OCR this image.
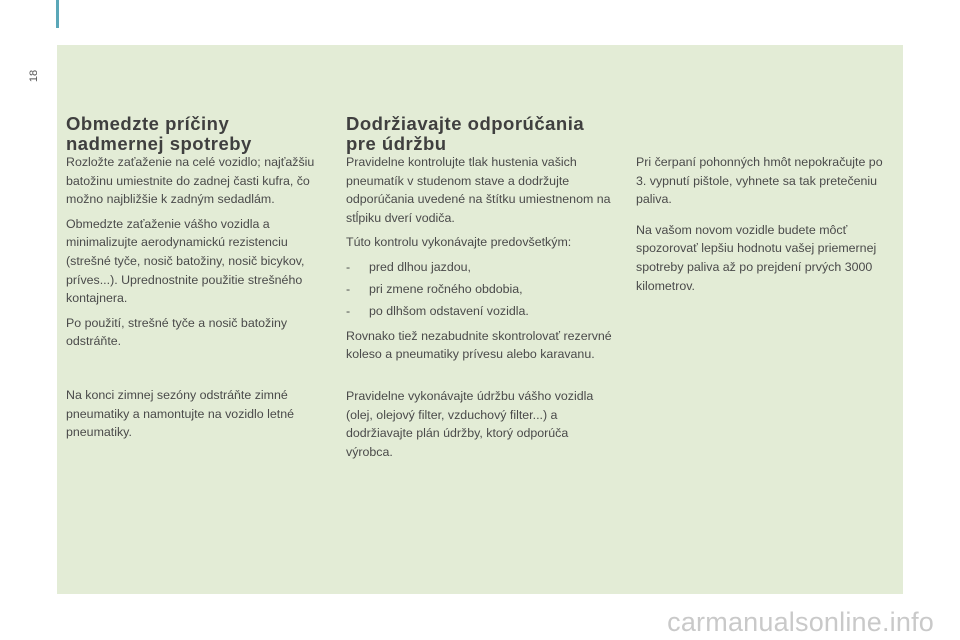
18
Obmedzte príčiny
nadmernej spotreby

Rozložte zaťaženie na celé vozidlo; najťažšiu batožinu umiestnite do zadnej časti kufra, čo možno najbližšie k zadným sedadlám.

Obmedzte zaťaženie vášho vozidla a minimalizujte aerodynamickú rezistenciu (strešné tyče, nosič batožiny, nosič bicykov, príves...). Uprednostnite použitie strešného kontajnera.

Po použití, strešné tyče a nosič batožiny odstráňte.

Na konci zimnej sezóny odstráňte zimné pneumatiky a namontujte na vozidlo letné pneumatiky.

Dodržiavajte odporúčania
pre údržbu

Pravidelne kontrolujte tlak hustenia vašich pneumatík v studenom stave a dodržujte odporúčania uvedené na štítku umiestnenom na stĺpiku dverí vodiča.

Túto kontrolu vykonávajte predovšetkým:

- pred dlhou jazdou,
- pri zmene ročného obdobia,
- po dlhšom odstavení vozidla.

Rovnako tiež nezabudnite skontrolovať rezervné koleso a pneumatiky prívesu alebo karavanu.

Pravidelne vykonávajte údržbu vášho vozidla (olej, olejový filter, vzduchový filter...) a dodržiavajte plán údržby, ktorý odporúča výrobca.

Pri čerpaní pohonných hmôt nepokračujte po 3. vypnutí pištole, vyhnete sa tak pretečeniu paliva.

Na vašom novom vozidle budete môcť spozorovať lepšiu hodnotu vašej priemernej spotreby paliva až po prejdení prvých 3000 kilometrov.

carmanualsonline.info
